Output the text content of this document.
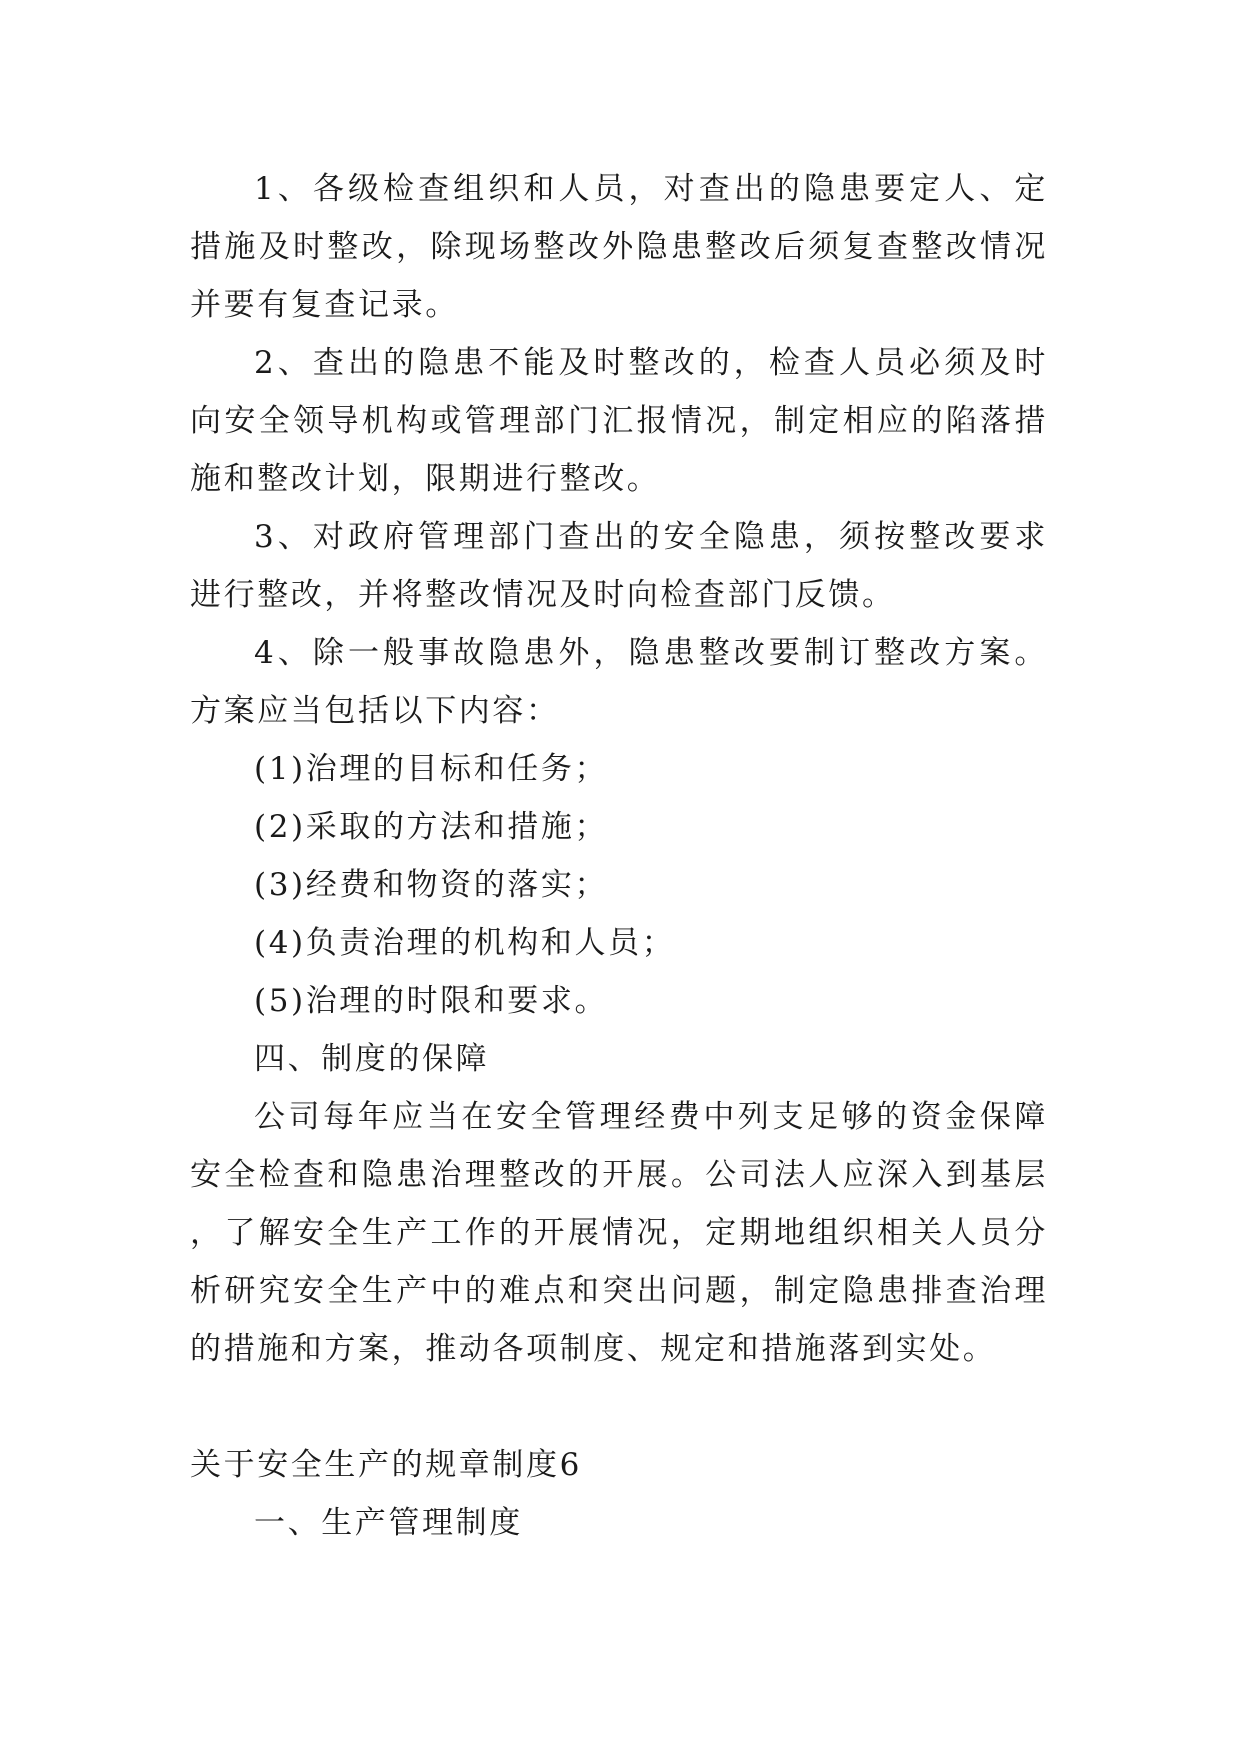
1、各级检查组织和人员，对查出的隐患要定人、定措施及时整改，除现场整改外隐患整改后须复查整改情况并要有复查记录。

2、查出的隐患不能及时整改的，检查人员必须及时向安全领导机构或管理部门汇报情况，制定相应的陷落措施和整改计划，限期进行整改。

3、对政府管理部门查出的安全隐患，须按整改要求进行整改，并将整改情况及时向检查部门反馈。

4、除一般事故隐患外，隐患整改要制订整改方案。方案应当包括以下内容：

(1)治理的目标和任务；

(2)采取的方法和措施；

(3)经费和物资的落实；

(4)负责治理的机构和人员；

(5)治理的时限和要求。

四、制度的保障

公司每年应当在安全管理经费中列支足够的资金保障安全检查和隐患治理整改的开展。公司法人应深入到基层，了解安全生产工作的开展情况，定期地组织相关人员分析研究安全生产中的难点和突出问题，制定隐患排查治理的措施和方案，推动各项制度、规定和措施落到实处。

关于安全生产的规章制度6

一、生产管理制度
